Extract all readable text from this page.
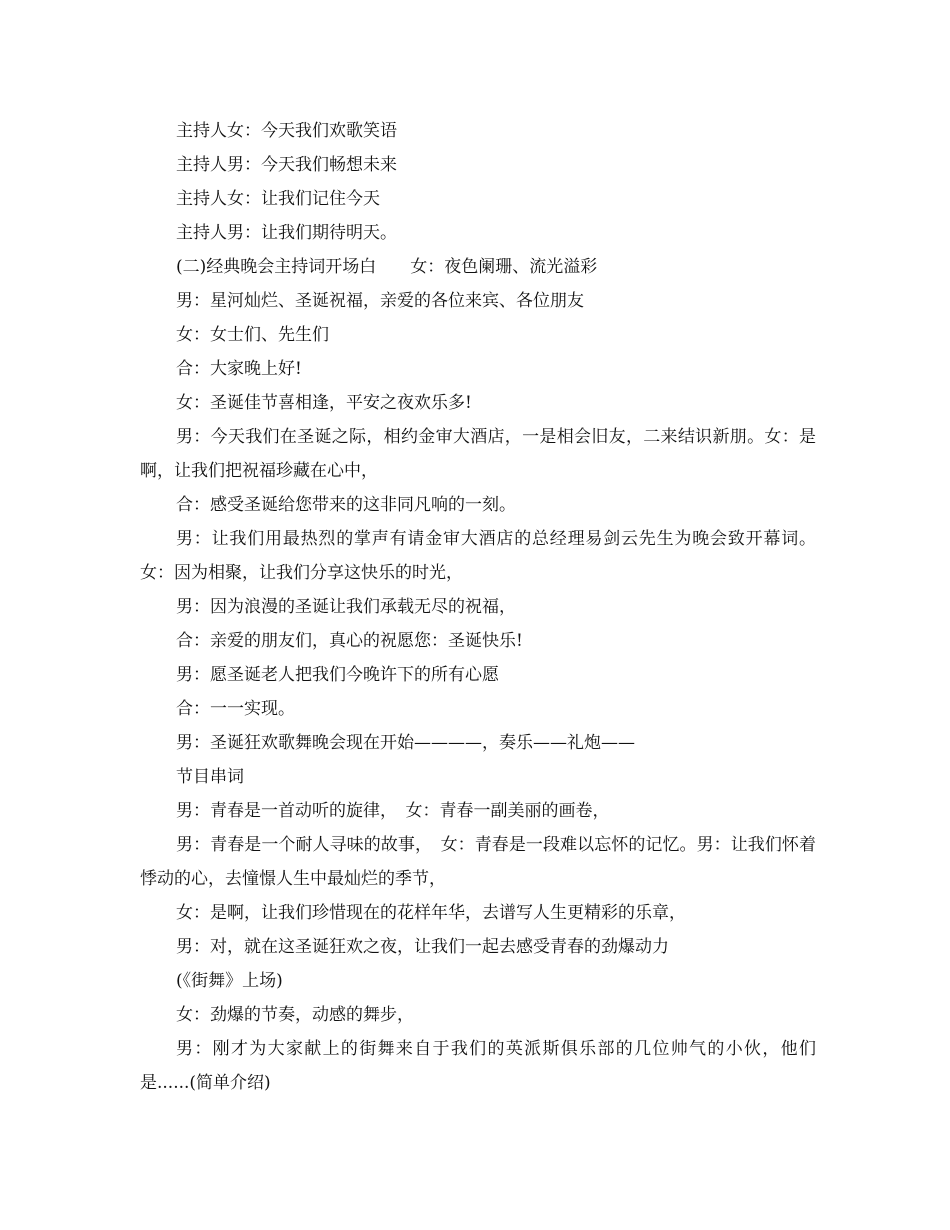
主持人女：今天我们欢歌笑语

主持人男：今天我们畅想未来

主持人女：让我们记住今天

主持人男：让我们期待明天。

(二)经典晚会主持词开场白　　女：夜色阑珊、流光溢彩

男：星河灿烂、圣诞祝福，亲爱的各位来宾、各位朋友

女：女士们、先生们

合：大家晚上好!

女：圣诞佳节喜相逢，平安之夜欢乐多!

男：今天我们在圣诞之际，相约金审大酒店，一是相会旧友，二来结识新朋。女：是啊，让我们把祝福珍藏在心中，

合：感受圣诞给您带来的这非同凡响的一刻。

男：让我们用最热烈的掌声有请金审大酒店的总经理易剑云先生为晚会致开幕词。女：因为相聚，让我们分享这快乐的时光，

男：因为浪漫的圣诞让我们承载无尽的祝福，

合：亲爱的朋友们，真心的祝愿您：圣诞快乐!

男：愿圣诞老人把我们今晚许下的所有心愿

合：一一实现。

男：圣诞狂欢歌舞晚会现在开始————，奏乐——礼炮——

节目串词

男：青春是一首动听的旋律，　女：青春一副美丽的画卷，

男：青春是一个耐人寻味的故事，　女：青春是一段难以忘怀的记忆。男：让我们怀着悸动的心，去憧憬人生中最灿烂的季节，

女：是啊，让我们珍惜现在的花样年华，去谱写人生更精彩的乐章，

男：对，就在这圣诞狂欢之夜，让我们一起去感受青春的劲爆动力

(《街舞》上场)

女：劲爆的节奏，动感的舞步，

男：刚才为大家献上的街舞来自于我们的英派斯俱乐部的几位帅气的小伙，他们是......(简单介绍)
